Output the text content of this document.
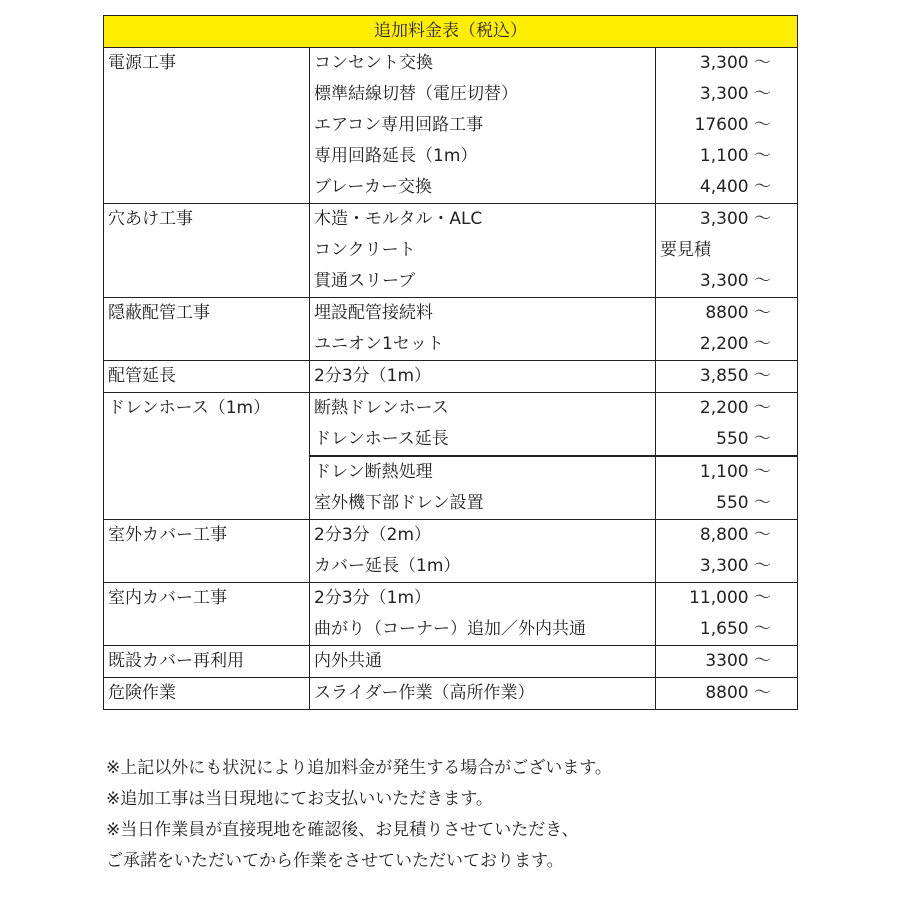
追加料金表（税込）		
電源工事	コンセント交換	3,300 ～
	標準結線切替（電圧切替）	3,300 ～
	エアコン専用回路工事	17600 ～
	専用回路延長（1m）	1,100 ～
	ブレーカー交換	4,400 ～
穴あけ工事	木造・モルタル・ALC	3,300 ～
	コンクリート	要見積
	貫通スリーブ	3,300 ～
隠蔽配管工事	埋設配管接続料	8800 ～
	ユニオン1セット	2,200 ～
配管延長	2分3分（1m）	3,850 ～
ドレンホース（1m）	断熱ドレンホース	2,200 ～
	ドレンホース延長	550 ～
	ドレン断熱処理	1,100 ～
	室外機下部ドレン設置	550 ～
室外カバー工事	2分3分（2m）	8,800 ～
	カバー延長（1m）	3,300 ～
室内カバー工事	2分3分（1m）	11,000 ～
	曲がり（コーナー）追加／外内共通	1,650 ～
既設カバー再利用	内外共通	3300 ～
危険作業	スライダー作業（高所作業）	8800 ～
※上記以外にも状況により追加料金が発生する場合がございます。
※追加工事は当日現地にてお支払いいただきます。
※当日作業員が直接現地を確認後、お見積りさせていただき、
ご承諾をいただいてから作業をさせていただいております。
